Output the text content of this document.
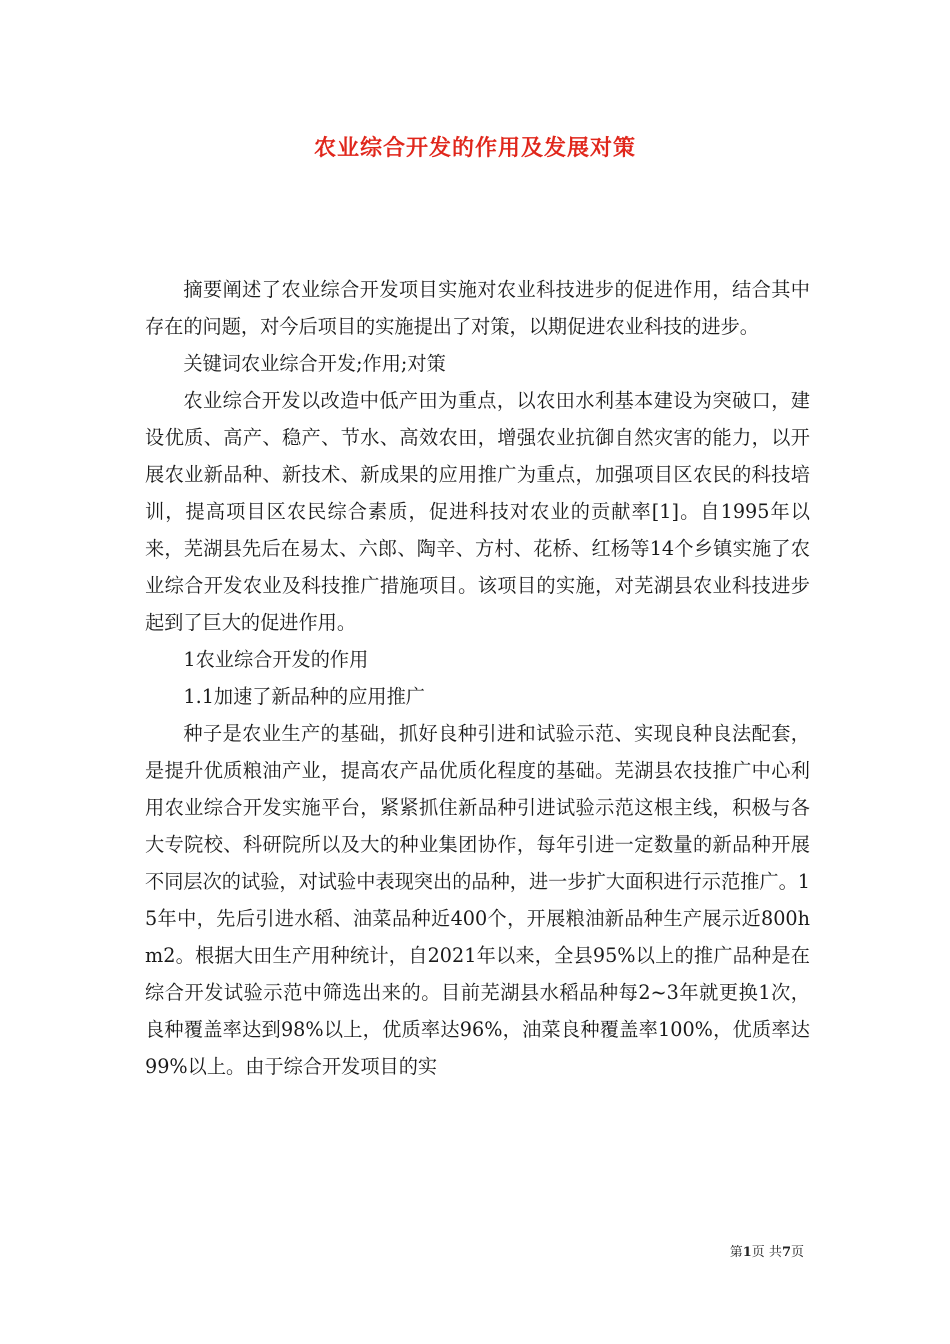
农业综合开发的作用及发展对策

摘要阐述了农业综合开发项目实施对农业科技进步的促进作用，结合其中存在的问题，对今后项目的实施提出了对策，以期促进农业科技的进步。

关键词农业综合开发;作用;对策

农业综合开发以改造中低产田为重点，以农田水利基本建设为突破口，建设优质、高产、稳产、节水、高效农田，增强农业抗御自然灾害的能力，以开展农业新品种、新技术、新成果的应用推广为重点，加强项目区农民的科技培训，提高项目区农民综合素质，促进科技对农业的贡献率[1]。自1995年以来，芜湖县先后在易太、六郎、陶辛、方村、花桥、红杨等14个乡镇实施了农业综合开发农业及科技推广措施项目。该项目的实施，对芜湖县农业科技进步起到了巨大的促进作用。

1农业综合开发的作用

1.1加速了新品种的应用推广

种子是农业生产的基础，抓好良种引进和试验示范、实现良种良法配套，是提升优质粮油产业，提高农产品优质化程度的基础。芜湖县农技推广中心利用农业综合开发实施平台，紧紧抓住新品种引进试验示范这根主线，积极与各大专院校、科研院所以及大的种业集团协作，每年引进一定数量的新品种开展不同层次的试验，对试验中表现突出的品种，进一步扩大面积进行示范推广。15年中，先后引进水稻、油菜品种近400个，开展粮油新品种生产展示近800hm2。根据大田生产用种统计，自2021年以来，全县95%以上的推广品种是在综合开发试验示范中筛选出来的。目前芜湖县水稻品种每2~3年就更换1次，良种覆盖率达到98%以上，优质率达96%，油菜良种覆盖率100%，优质率达99%以上。由于综合开发项目的实

第1页 共7页
